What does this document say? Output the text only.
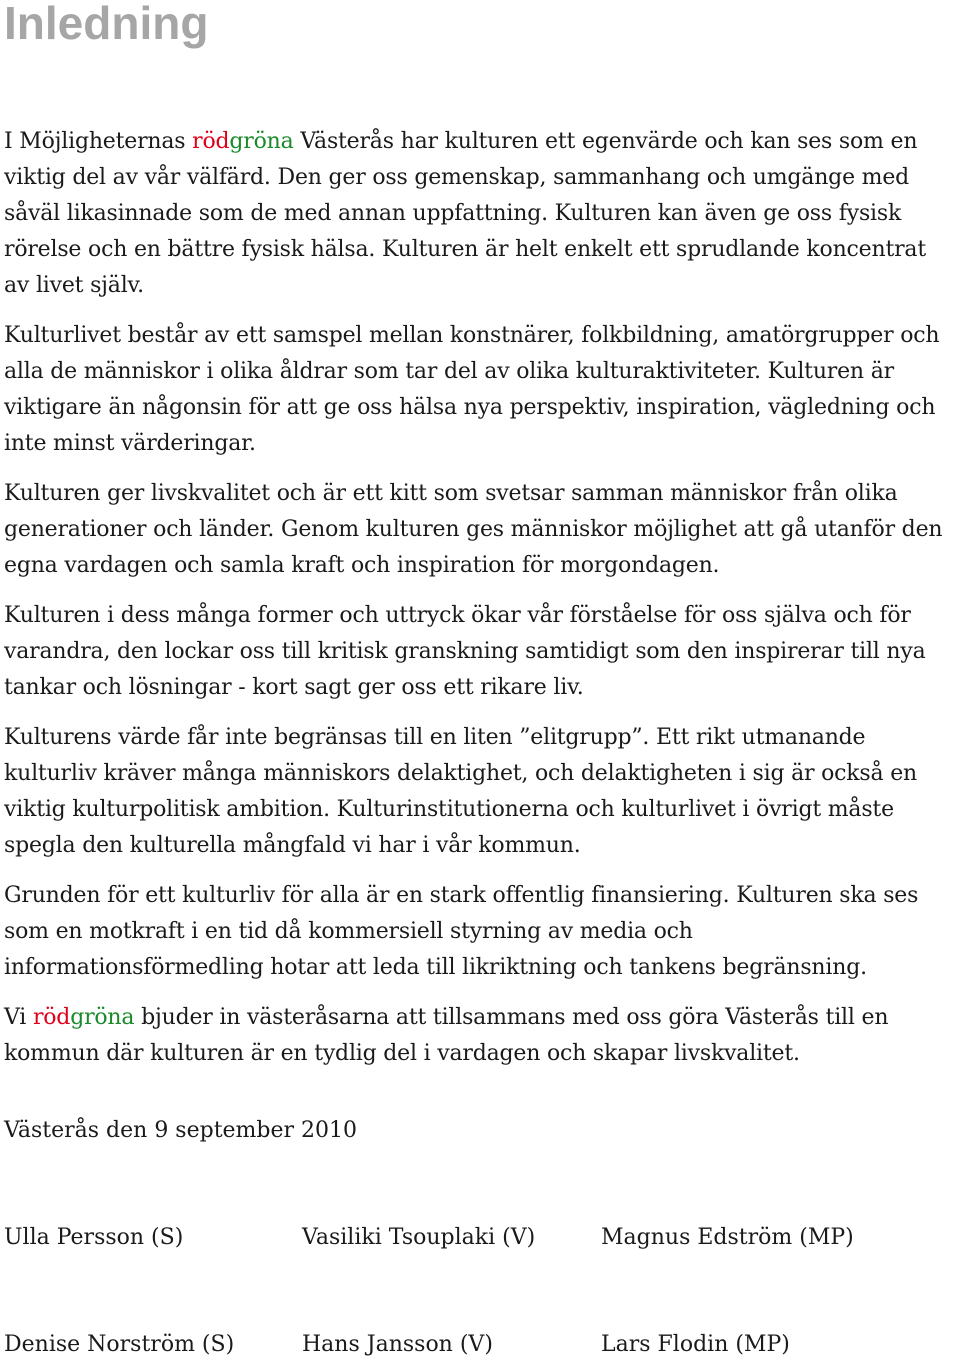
Inledning

I Möjligheternas rödgröna Västerås har kulturen ett egenvärde och kan ses som en viktig del av vår välfärd. Den ger oss gemenskap, sammanhang och umgänge med såväl likasinnade som de med annan uppfattning. Kulturen kan även ge oss fysisk rörelse och en bättre fysisk hälsa. Kulturen är helt enkelt ett sprudlande koncentrat av livet själv.

Kulturlivet består av ett samspel mellan konstnärer, folkbildning, amatörgrupper och alla de människor i olika åldrar som tar del av olika kulturaktiviteter. Kulturen är viktigare än någonsin för att ge oss hälsa nya perspektiv, inspiration, vägledning och inte minst värderingar.

Kulturen ger livskvalitet och är ett kitt som svetsar samman människor från olika generationer och länder. Genom kulturen ges människor möjlighet att gå utanför den egna vardagen och samla kraft och inspiration för morgondagen.

Kulturen i dess många former och uttryck ökar vår förståelse för oss själva och för varandra, den lockar oss till kritisk granskning samtidigt som den inspirerar till nya tankar och lösningar - kort sagt ger oss ett rikare liv.

Kulturens värde får inte begränsas till en liten ”elitgrupp”. Ett rikt utmanande kulturliv kräver många människors delaktighet, och delaktigheten i sig är också en viktig kulturpolitisk ambition. Kulturinstitutionerna och kulturlivet i övrigt måste spegla den kulturella mångfald vi har i vår kommun.

Grunden för ett kulturliv för alla är en stark offentlig finansiering. Kulturen ska ses som en motkraft i en tid då kommersiell styrning av media och informationsförmedling hotar att leda till likriktning och tankens begränsning.

Vi rödgröna bjuder in västeråsarna att tillsammans med oss göra Västerås till en kommun där kulturen är en tydlig del i vardagen och skapar livskvalitet.

Västerås den 9 september 2010

Ulla Persson (S)	Vasiliki Tsouplaki (V)	Magnus Edström (MP)
Denise Norström (S)	Hans Jansson (V)	Lars Flodin (MP)
